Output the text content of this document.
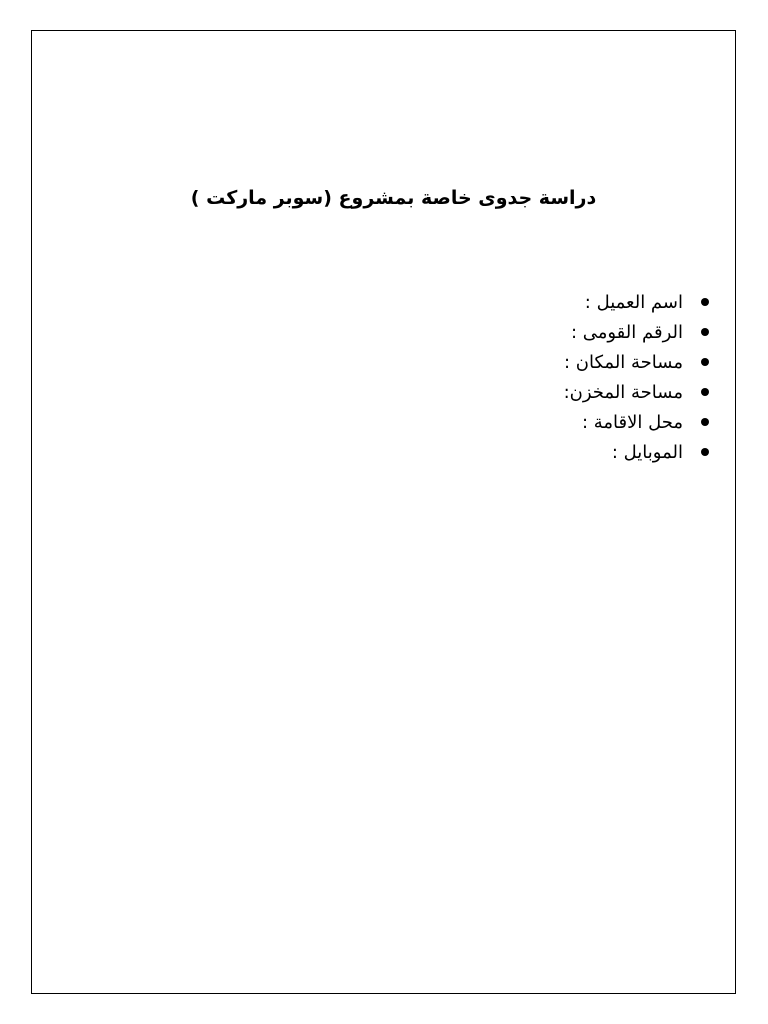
دراسة جدوى خاصة بمشروع (سوبر ماركت )
اسم العميل :
الرقم القومى :
مساحة المكان :
مساحة المخزن:
محل الاقامة :
الموبايل :
